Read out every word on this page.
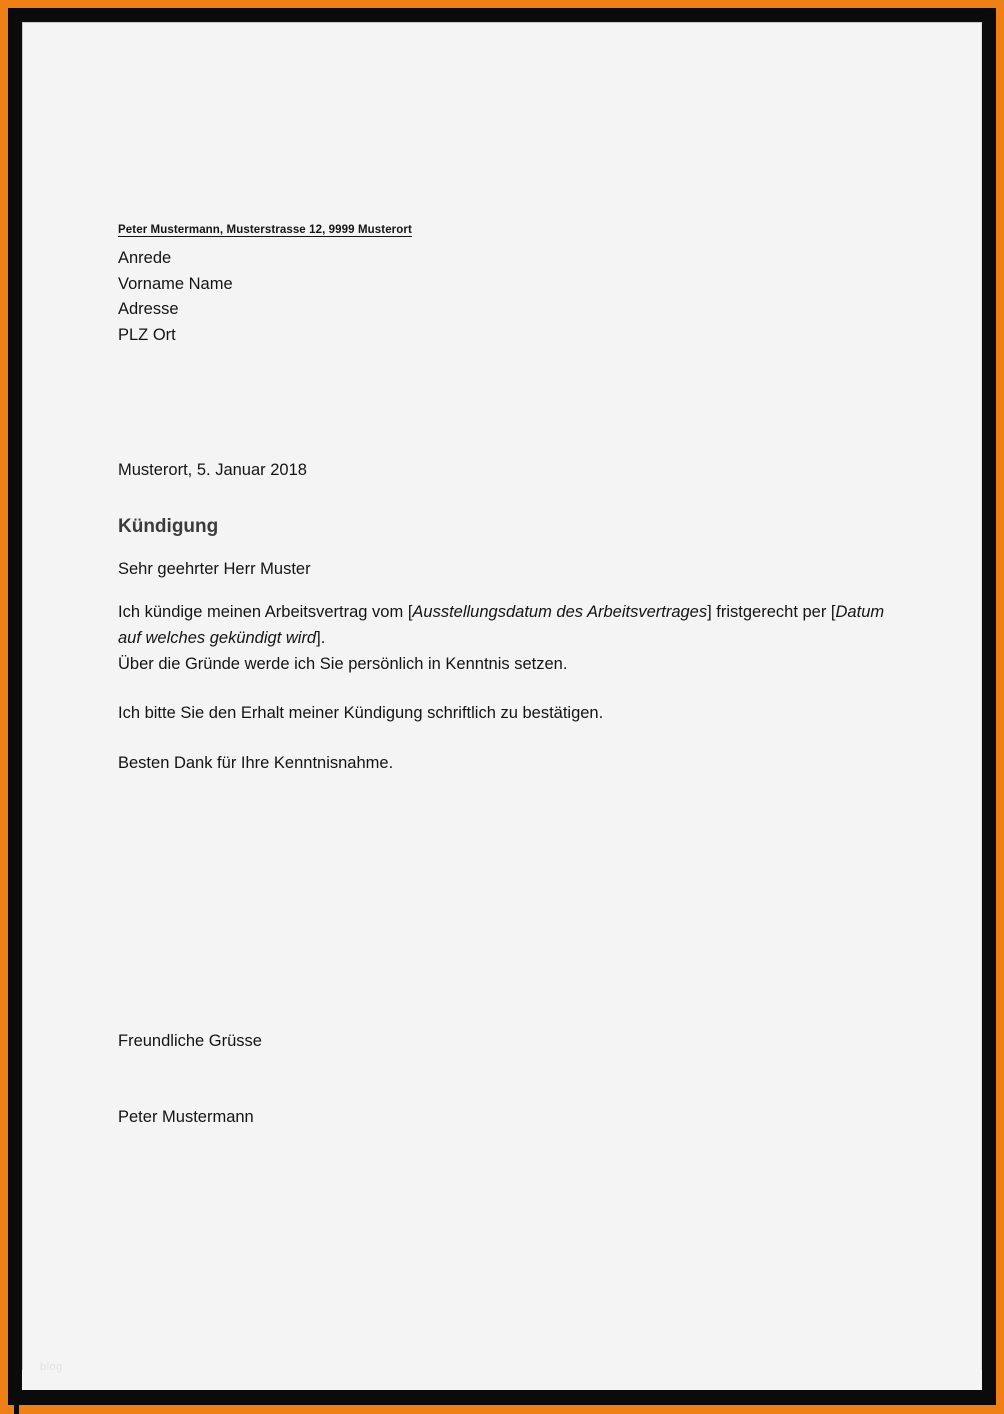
Peter Mustermann, Musterstrasse 12, 9999 Musterort
Anrede
Vorname Name
Adresse
PLZ Ort
Musterort, 5. Januar 2018
Kündigung
Sehr geehrter Herr Muster
Ich kündige meinen Arbeitsvertrag vom [Ausstellungsdatum des Arbeitsvertrages] fristgerecht per [Datum auf welches gekündigt wird].
Über die Gründe werde ich Sie persönlich in Kenntnis setzen.
Ich bitte Sie den Erhalt meiner Kündigung schriftlich zu bestätigen.
Besten Dank für Ihre Kenntnisnahme.
Freundliche Grüsse
Peter Mustermann
blog
